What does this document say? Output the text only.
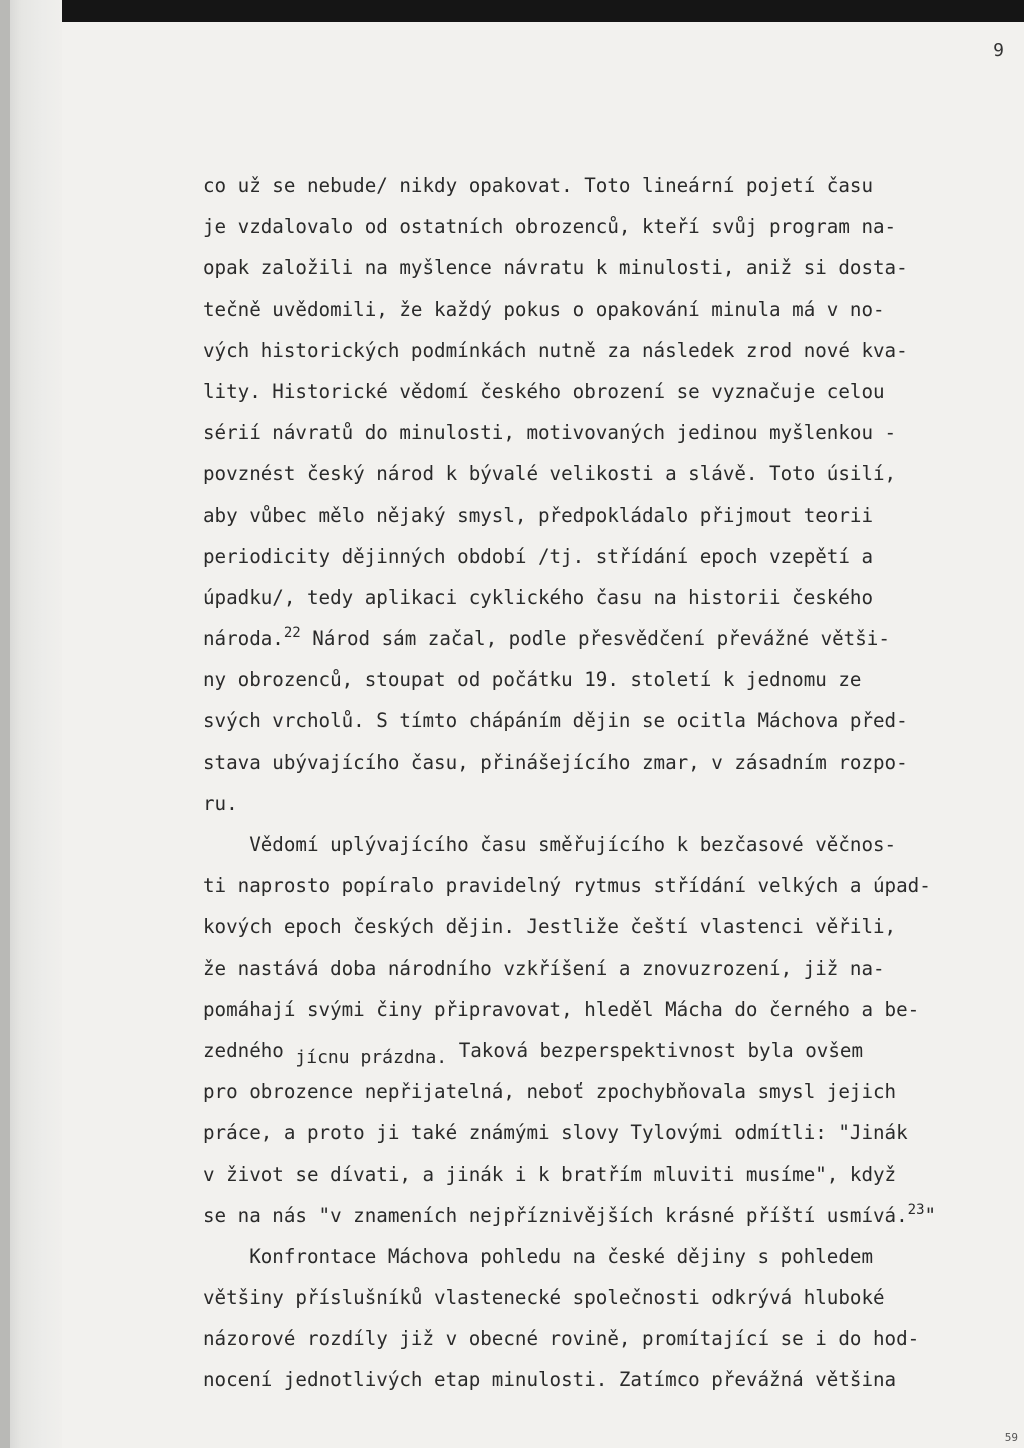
9
co už se nebude/ nikdy opakovat. Toto lineární pojetí času
je vzdalovalo od ostatních obrozenců, kteří svůj program na-
opak založili na myšlence návratu k minulosti, aniž si dosta-
tečně uvědomili, že každý pokus o opakování minula má v no-
vých historických podmínkách nutně za následek zrod nové kva-
lity. Historické vědomí českého obrození se vyznačuje celou
sérií návratů do minulosti, motivovaných jedinou myšlenkou -
povznést český národ k bývalé velikosti a slávě. Toto úsilí,
aby vůbec mělo nějaký smysl, předpokládalo přijmout teorii
periodicity dějinných období /tj. střídání epoch vzepětí a
úpadku/, tedy aplikaci cyklického času na historii českého
národa.$^{22}$ Národ sám začal, podle přesvědčení převážné větši-
ny obrozenců, stoupat od počátku 19. století k jednomu ze
svých vrcholů. S tímto chápáním dějin se ocitla Máchova před-
stava ubývajícího času, přinášejícího zmar, v zásadním rozpo-
ru.
Vědomí uplývajícího času směřujícího k bezčasové věčnos-
ti naprosto popíralo pravidelný rytmus střídání velkých a úpad-
kových epoch českých dějin. Jestliže čeští vlastenci věřili,
že nastává doba národního vzkříšení a znovuzrození, již na-
pomáhají svými činy připravovat, hleděl Mácha do černého a be-
zedného jícnu prázdna. Taková bezperspektivnost byla ovšem
pro obrozence nepřijatelná, neboť zpochybňovala smysl jejich
práce, a proto ji také známými slovy Tylovými odmítli: "Jinák
v život se dívati, a jinák i k bratřím mluviti musíme", když
se na nás "v znameních nejpříznivějších krásné příští usmívá.$^{23}$"
Konfrontace Máchova pohledu na české dějiny s pohledem
většiny příslušníků vlastenecké společnosti odkrývá hluboké
názorové rozdíly již v obecné rovině, promítající se i do hod-
nocení jednotlivých etap minulosti. Zatímco převážná většina
59
